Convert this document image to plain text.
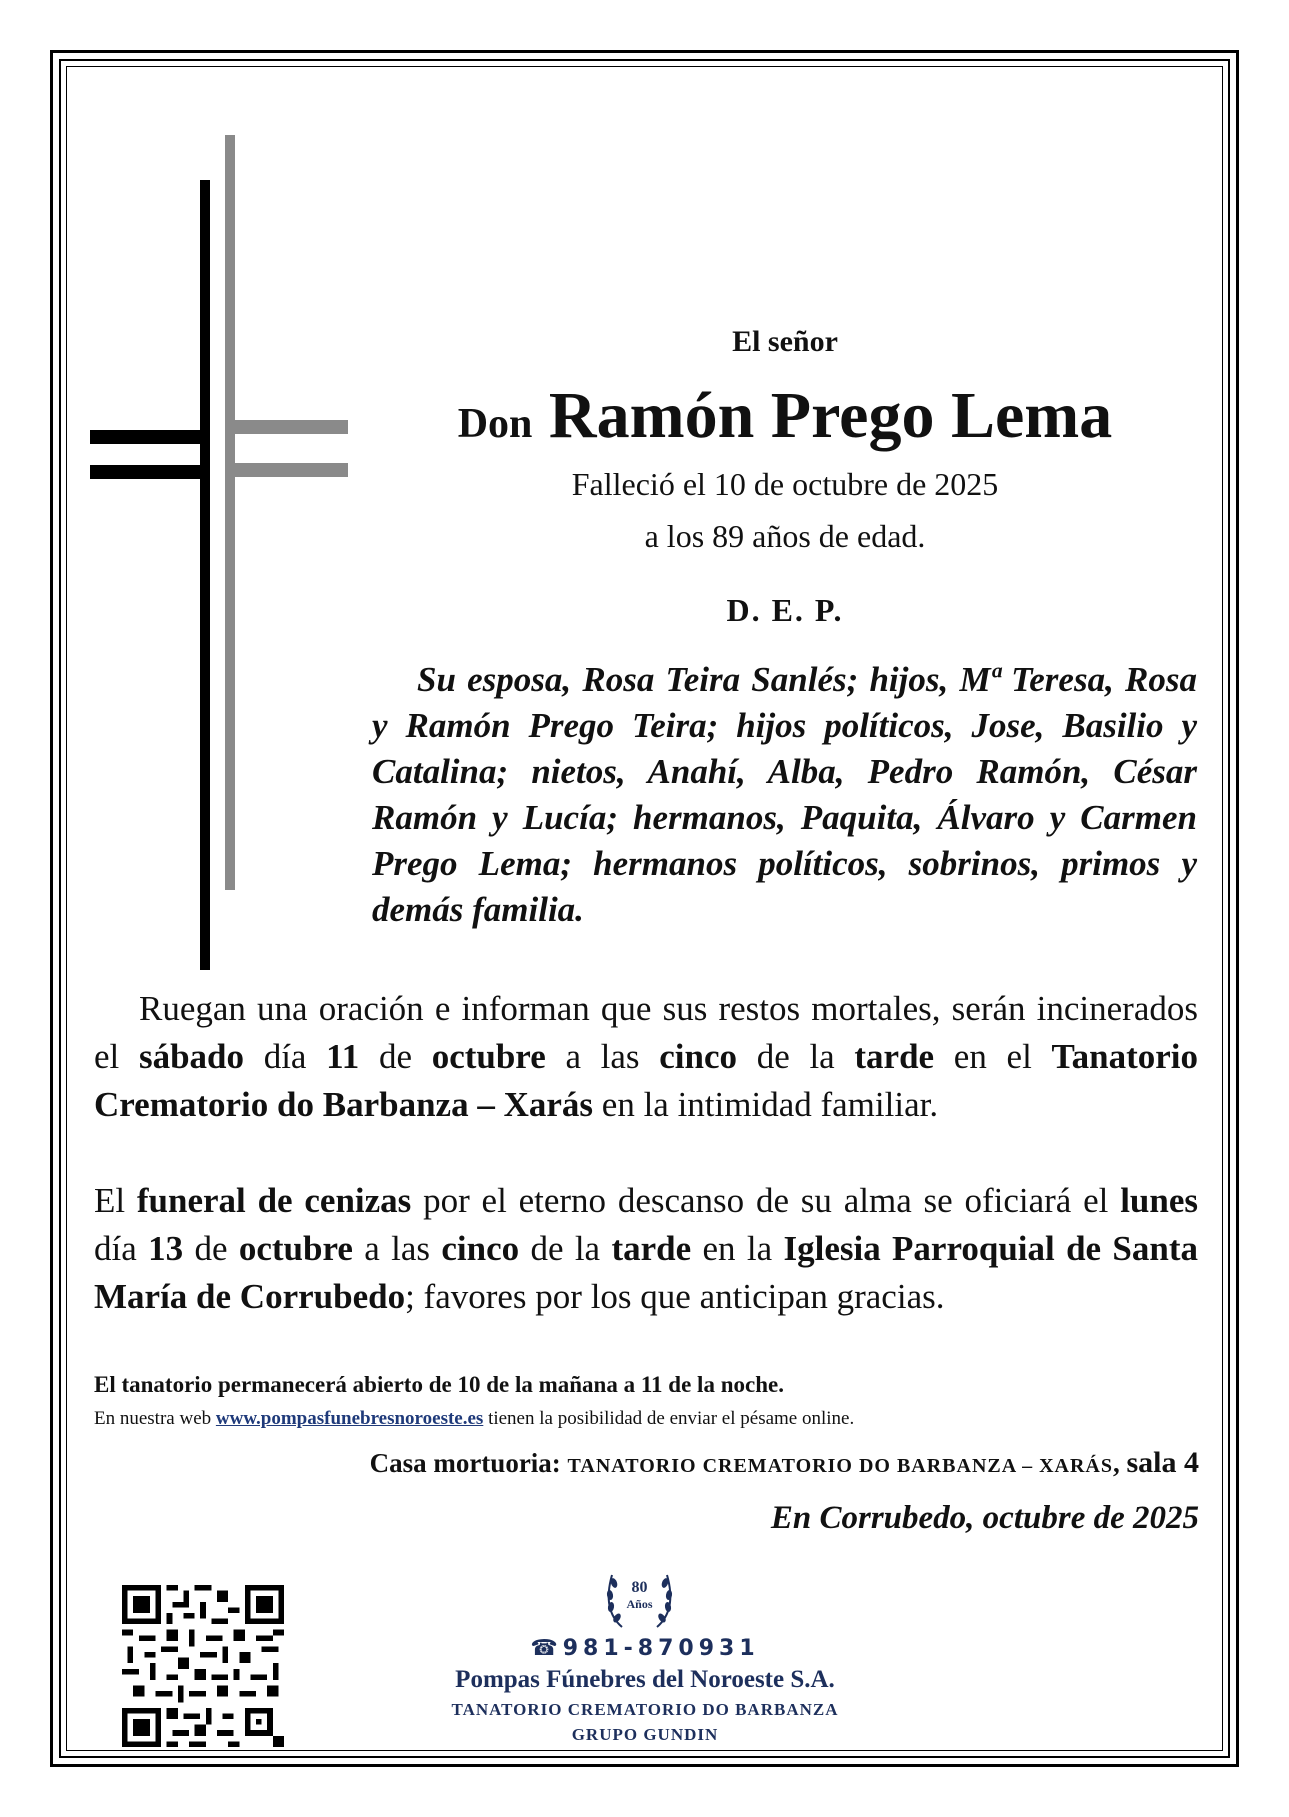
El señor
Don Ramón Prego Lema
Falleció el 10 de octubre de 2025
a los 89 años de edad.
D. E. P.
Su esposa, Rosa Teira Sanlés; hijos, Mª Teresa, Rosa y Ramón Prego Teira; hijos políticos, Jose, Basilio y Catalina; nietos, Anahí, Alba, Pedro Ramón, César Ramón y Lucía; hermanos, Paquita, Álvaro y Carmen Prego Lema; hermanos políticos, sobrinos, primos y demás familia.
Ruegan una oración e informan que sus restos mortales, serán incinerados el sábado día 11 de octubre a las cinco de la tarde en el Tanatorio Crematorio do Barbanza – Xarás en la intimidad familiar.
El funeral de cenizas por el eterno descanso de su alma se oficiará el lunes día 13 de octubre a las cinco de la tarde en la Iglesia Parroquial de Santa María de Corrubedo; favores por los que anticipan gracias.
El tanatorio permanecerá abierto de 10 de la mañana a 11 de la noche.
En nuestra web www.pompasfunebresnoroeste.es tienen la posibilidad de enviar el pésame online.
Casa mortuoria: TANATORIO CREMATORIO DO BARBANZA – XARÁS, sala 4
En Corrubedo, octubre de 2025
80
Años
☎981-870931
Pompas Fúnebres del Noroeste S.A.
TANATORIO CREMATORIO DO BARBANZA
GRUPO GUNDIN
